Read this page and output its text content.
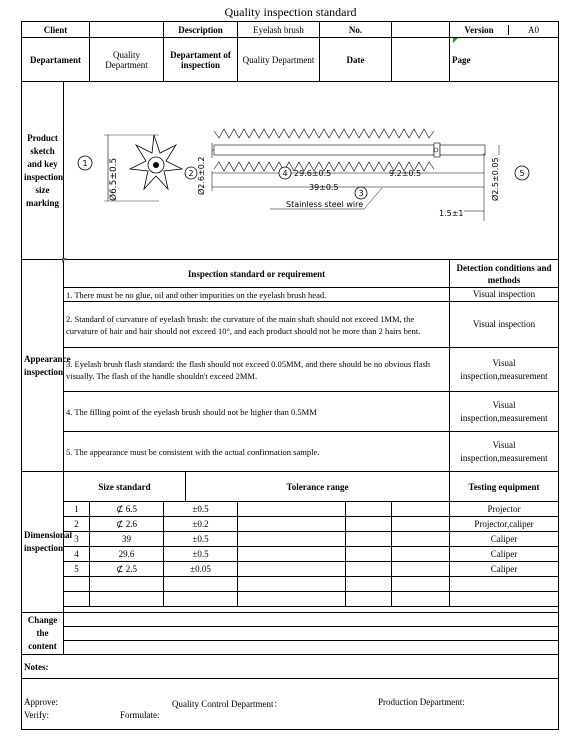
Quality inspection standard
Client		Description	Eyelash brush	No.			Version	A0

Departament	Quality Department	Departament of inspection	Quality Department	Date		Page
Product sketch and key inspection size marking	
1 Ø6.5±0.5	2 Ø2.6±0.2	4 29.6±0.5	9.2±0.5
39±0.5
3
Stainless steel wire
1.5±1
Ø2.5±0.05 5

Appearance inspection	Inspection standard or requirement	Detection conditions and methods
1. There must be no glue, oil and other impurities on the eyelash brush head.	Visual inspection
2. Standard of curvature of eyelash brush: the curvature of the main shaft should not exceed 1MM, the curvature of hair and hair should not exceed 10°, and each product should not be more than 2 hairs bent.	Visual inspection
3. Eyelash brush flash standard: the flash should not exceed 0.05MM, and there should be no obvious flash visually. The flash of the handle shouldn't exceed 2MM.	Visual inspection,measurement
4. The filling point of the eyelash brush should not be higher than 0.5MM	Visual inspection,measurement
5. The appearance must be consistent with the actual confirmation sample.	Visual inspection,measurement
Dimensional inspection	Size standard	Tolerance range	Testing equipment
1	⊄ 6.5	±0.5				Projector
2	⊄ 2.6	±0.2				Projector,caliper
3	39	±0.5				Caliper
4	29.6	±0.5				Caliper
5	⊄ 2.5	±0.05				Caliper

Change the content	

Notes:

Approve:	Quality Control Department：	Production Department:
Verify:	Formulate:
